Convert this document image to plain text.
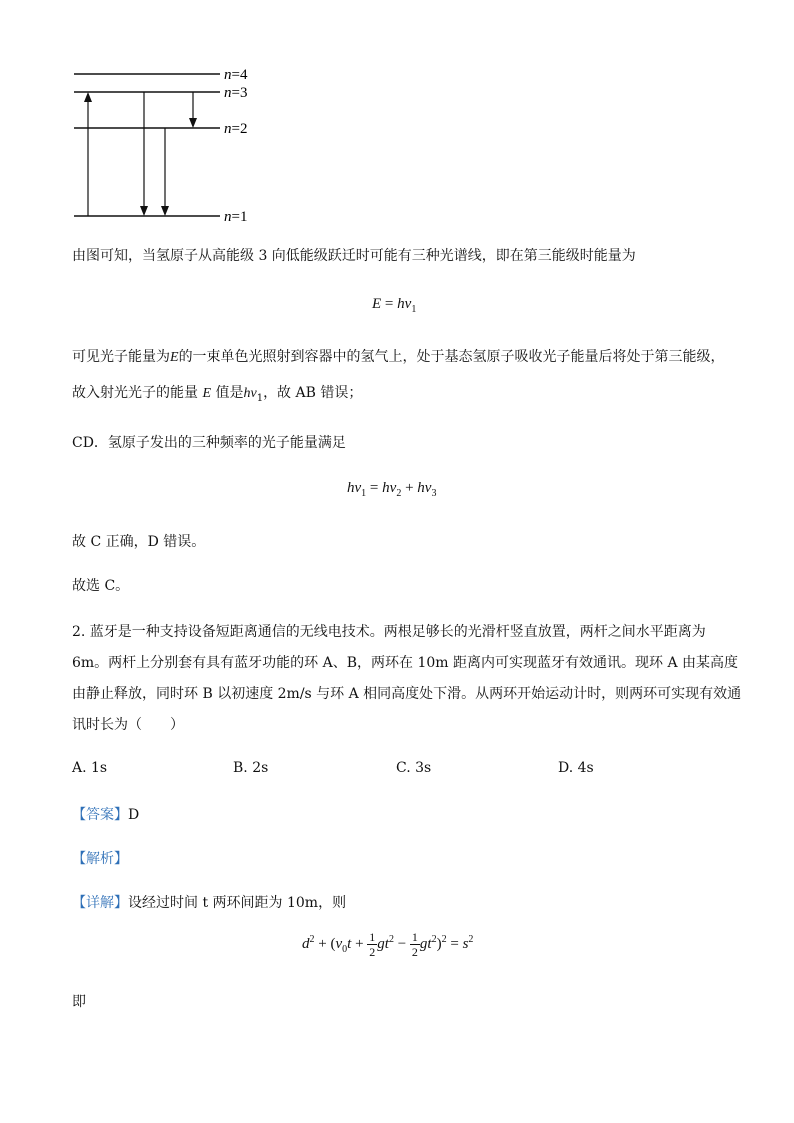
n=4
n=3
n=2
n=1
由图可知，当氢原子从高能级 3 向低能级跃迁时可能有三种光谱线，即在第三能级时能量为
$E = h\nu_1$
可见光子能量为E的一束单色光照射到容器中的氢气上，处于基态氢原子吸收光子能量后将处于第三能级，
故入射光光子的能量 E 值是$h\nu_1$，故 AB 错误；
CD．氢原子发出的三种频率的光子能量满足
$h\nu_1 = h\nu_2 + h\nu_3$
故 C 正确，D 错误。
故选 C。
2. 蓝牙是一种支持设备短距离通信的无线电技术。两根足够长的光滑杆竖直放置，两杆之间水平距离为
6m。两杆上分别套有具有蓝牙功能的环 A、B，两环在 10m 距离内可实现蓝牙有效通讯。现环 A 由某高度
由静止释放，同时环 B 以初速度 2m/s 与环 A 相同高度处下滑。从两环开始运动计时，则两环可实现有效通
讯时长为（　　）
A. 1s	B. 2s	C. 3s	D. 4s
【答案】D
【解析】
【详解】设经过时间 t 两环间距为 10m，则
$d^2 + (v_0t + \frac{1}{2} gt^2 - \frac{1}{2} gt^2)^2 = s^2$
即
